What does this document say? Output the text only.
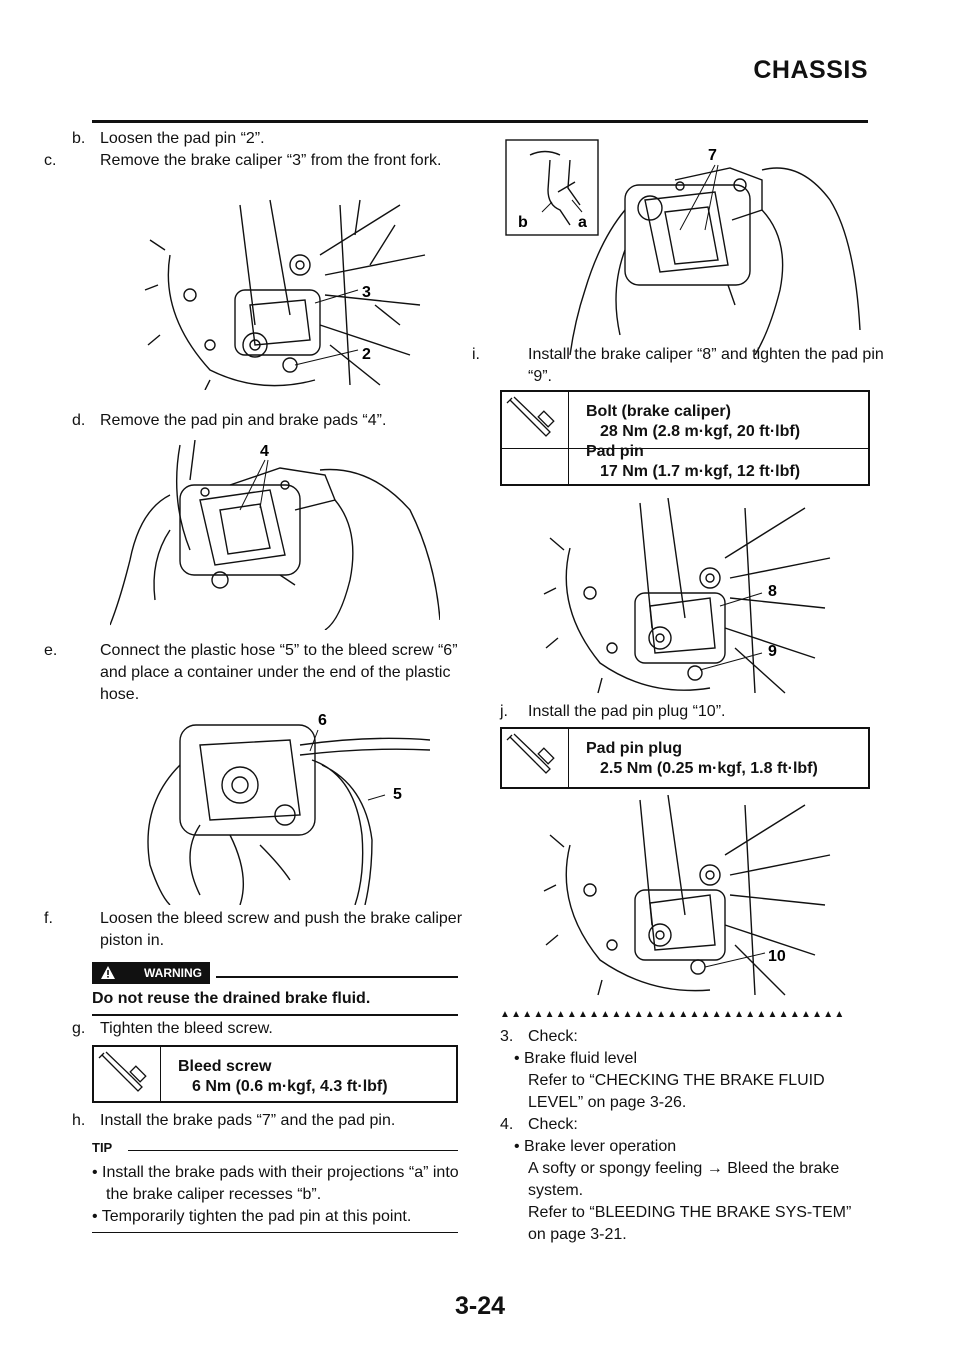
CHASSIS
b. Loosen the pad pin “2”.
c.	Remove the brake caliper “3” from the front fork.
3
2
d. Remove the pad pin and brake pads “4”.
4
e.	Connect the plastic hose “5” to the bleed screw “6” and place a container under the end of the plastic hose.
6
5
f.	Loosen the bleed screw and push the brake caliper piston in.
WARNING
Do not reuse the drained brake fluid.
g. Tighten the bleed screw.
Bleed screw
6 Nm (0.6 m·kgf, 4.3 ft·lbf)
h. Install the brake pads “7” and the pad pin.
TIP
• Install the brake pads with their projections “a” into the brake caliper recesses “b”.
• Temporarily tighten the pad pin at this point.
b	a
7
i.	Install the brake caliper “8” and tighten the pad pin “9”.
Bolt (brake caliper)
28 Nm (2.8 m·kgf, 20 ft·lbf)
Pad pin
17 Nm (1.7 m·kgf, 12 ft·lbf)
8
9
j. Install the pad pin plug “10”.
Pad pin plug
2.5 Nm (0.25 m·kgf, 1.8 ft·lbf)
10
▲▲▲▲▲▲▲▲▲▲▲▲▲▲▲▲▲▲▲▲▲▲▲▲▲▲▲▲▲▲▲
3. Check:
• Brake fluid level
Refer to “CHECKING THE BRAKE FLUID LEVEL” on page 3-26.
4. Check:
• Brake lever operation
A softy or spongy feeling → Bleed the brake system.
Refer to “BLEEDING THE BRAKE SYS-TEM” on page 3-21.
3-24
